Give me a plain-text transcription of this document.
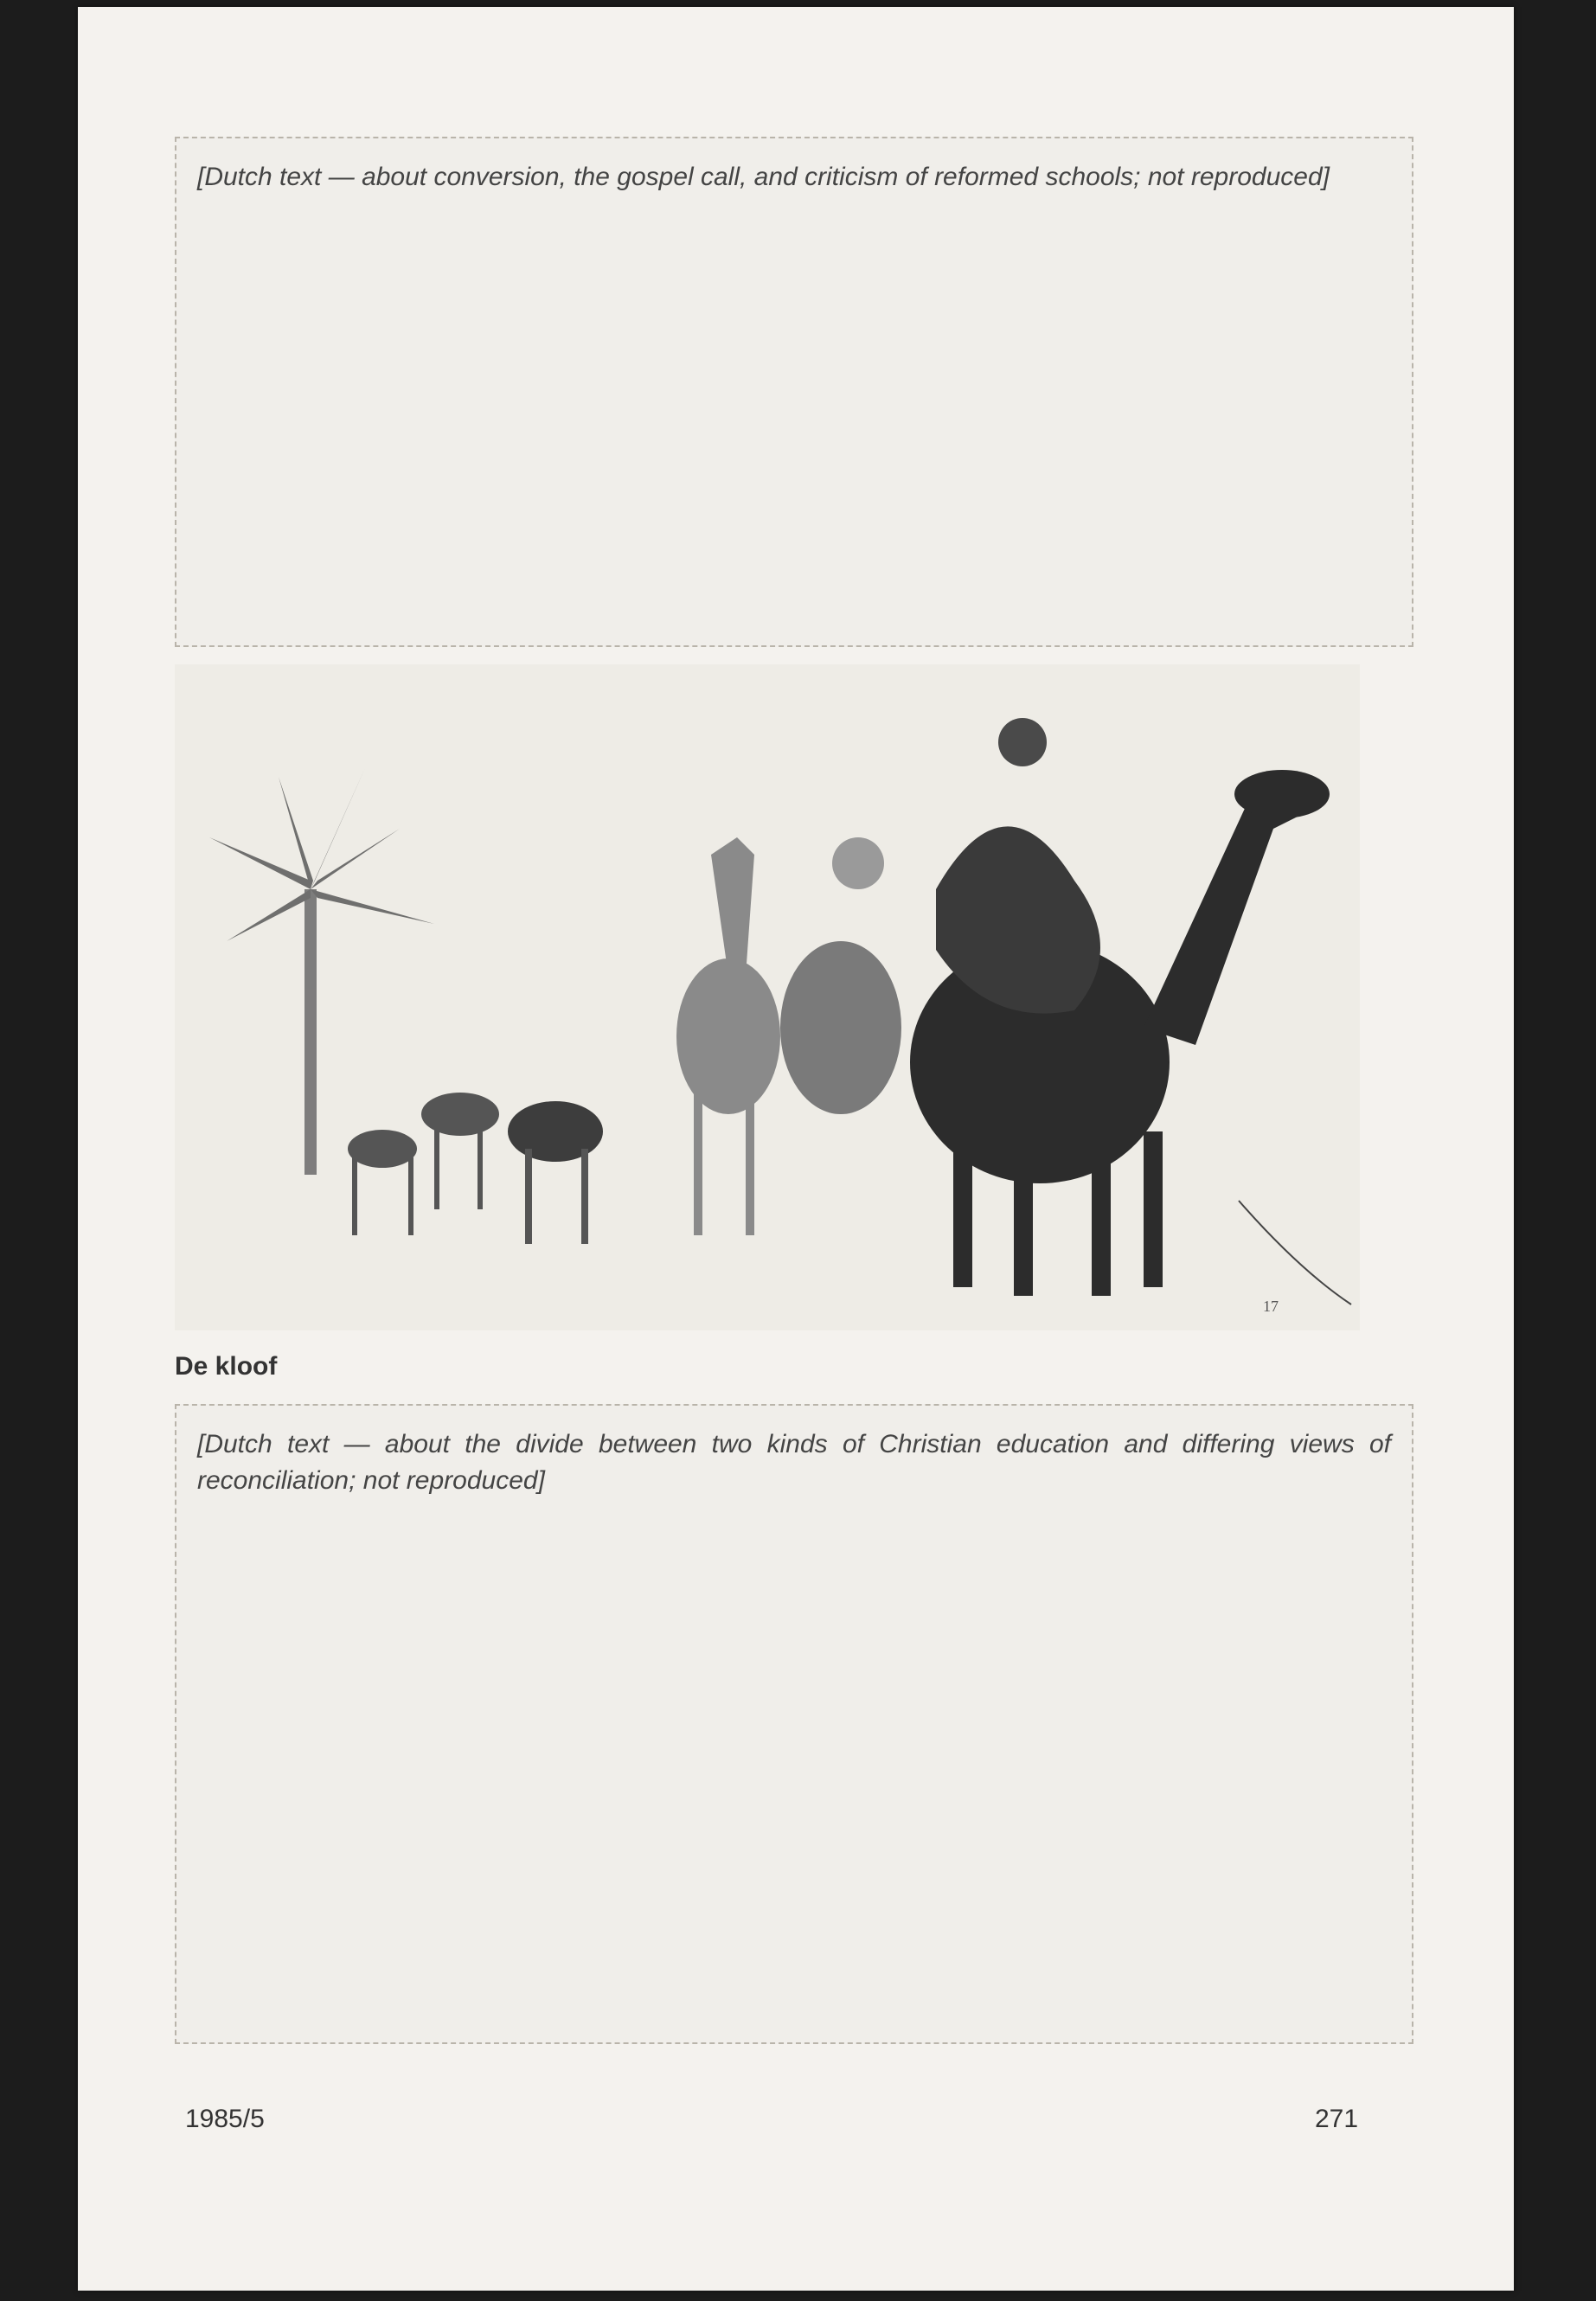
[Dutch text — about conversion, the gospel call, and criticism of reformed schools; not reproduced]
17
De kloof
[Dutch text — about the divide between two kinds of Christian education and differing views of reconciliation; not reproduced]
1985/5	271
